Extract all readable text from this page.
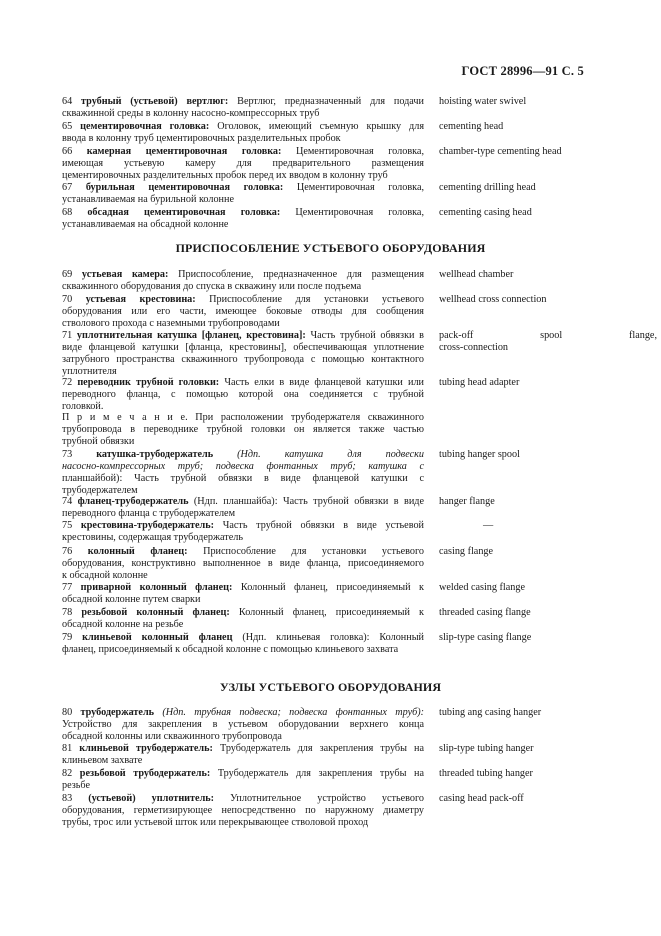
ГОСТ 28996—91 С. 5
64 трубный (устьевой) вертлюг: Вертлюг, предназначенный для подачи
скважинной среды в колонну насосно-компрессорных труб
hoisting water swivel
65 цементировочная головка: Оголовок, имеющий съемную крышку для
ввода в колонну труб цементировочных разделительных пробок
cementing head
66 камерная цементировочная головка: Цементировочная головка,
имеющая устьевую камеру для предварительного размещения
цементировочных разделительных пробок перед их вводом в колонну труб
chamber-type cementing head
67 бурильная цементировочная головка: Цементировочная головка,
устанавливаемая на бурильной колонне
cementing drilling head
68 обсадная цементировочная головка: Цементировочная головка,
устанавливаемая на обсадной колонне
cementing casing head
ПРИСПОСОБЛЕНИЕ УСТЬЕВОГО ОБОРУДОВАНИЯ
69 устьевая камера: Приспособление, предназначенное для размещения
скважинного оборудования до спуска в скважину или после подъема
wellhead chamber
70 устьевая крестовина: Приспособление для установки устьевого
оборудования или его части, имеющее боковые отводы для сообщения
стволового прохода с наземными трубопроводами
wellhead cross connection
71 уплотнительная катушка [фланец, крестовина]: Часть трубной обвязки в
виде фланцевой катушки [фланца, крестовины], обеспечивающая уплотнение
затрубного пространства скважинного трубопровода с помощью контактного
уплотнителя
pack-off spool flange,
cross-connection
72 переводник трубной головки: Часть елки в виде фланцевой катушки или
переводного фланца, с помощью которой она соединяется с трубной
головкой.
tubing head adapter
П р и м е ч а н и е. При расположении трубодержателя скважинного
трубопровода в переводнике трубной головки он является также частью
трубной обвязки
73 катушка-трубодержатель (Ндп. катушка для подвески
насосно-компрессорных труб; подвеска фонтанных труб; катушка с
планшайбой): Часть трубной обвязки в виде фланцевой катушки с
трубодержателем
tubing hanger spool
74 фланец-трубодержатель (Ндп. планшайба): Часть трубной обвязки в виде
переводного фланца с трубодержателем
hanger flange
75 крестовина-трубодержатель: Часть трубной обвязки в виде устьевой
крестовины, содержащая трубодержатель
—
76 колонный фланец: Приспособление для установки устьевого
оборудования, конструктивно выполненное в виде фланца, присоединяемого
к обсадной колонне
casing flange
77 приварной колонный фланец: Колонный фланец, присоединяемый к
обсадной колонне путем сварки
welded casing flange
78 резьбовой колонный фланец: Колонный фланец, присоединяемый к
обсадной колонне на резьбе
threaded casing flange
79 клиньевой колонный фланец (Ндп. клиньевая головка): Колонный
фланец, присоединяемый к обсадной колонне с помощью клиньевого захвата
slip-type casing flange
УЗЛЫ УСТЬЕВОГО ОБОРУДОВАНИЯ
80 трубодержатель (Ндп. трубная подвеска; подвеска фонтанных труб):
Устройство для закрепления в устьевом оборудовании верхнего конца
обсадной колонны или скважинного трубопровода
tubing ang casing hanger
81 клиньевой трубодержатель: Трубодержатель для закрепления трубы на
клиньевом захвате
slip-type tubing hanger
82 резьбовой трубодержатель: Трубодержатель для закрепления трубы на
резьбе
threaded tubing hanger
83 (устьевой) уплотнитель: Уплотнительное устройство устьевого
оборудования, герметизирующее непосредственно по наружному диаметру
трубы, трос или устьевой шток или перекрывающее стволовой проход
casing head pack-off
